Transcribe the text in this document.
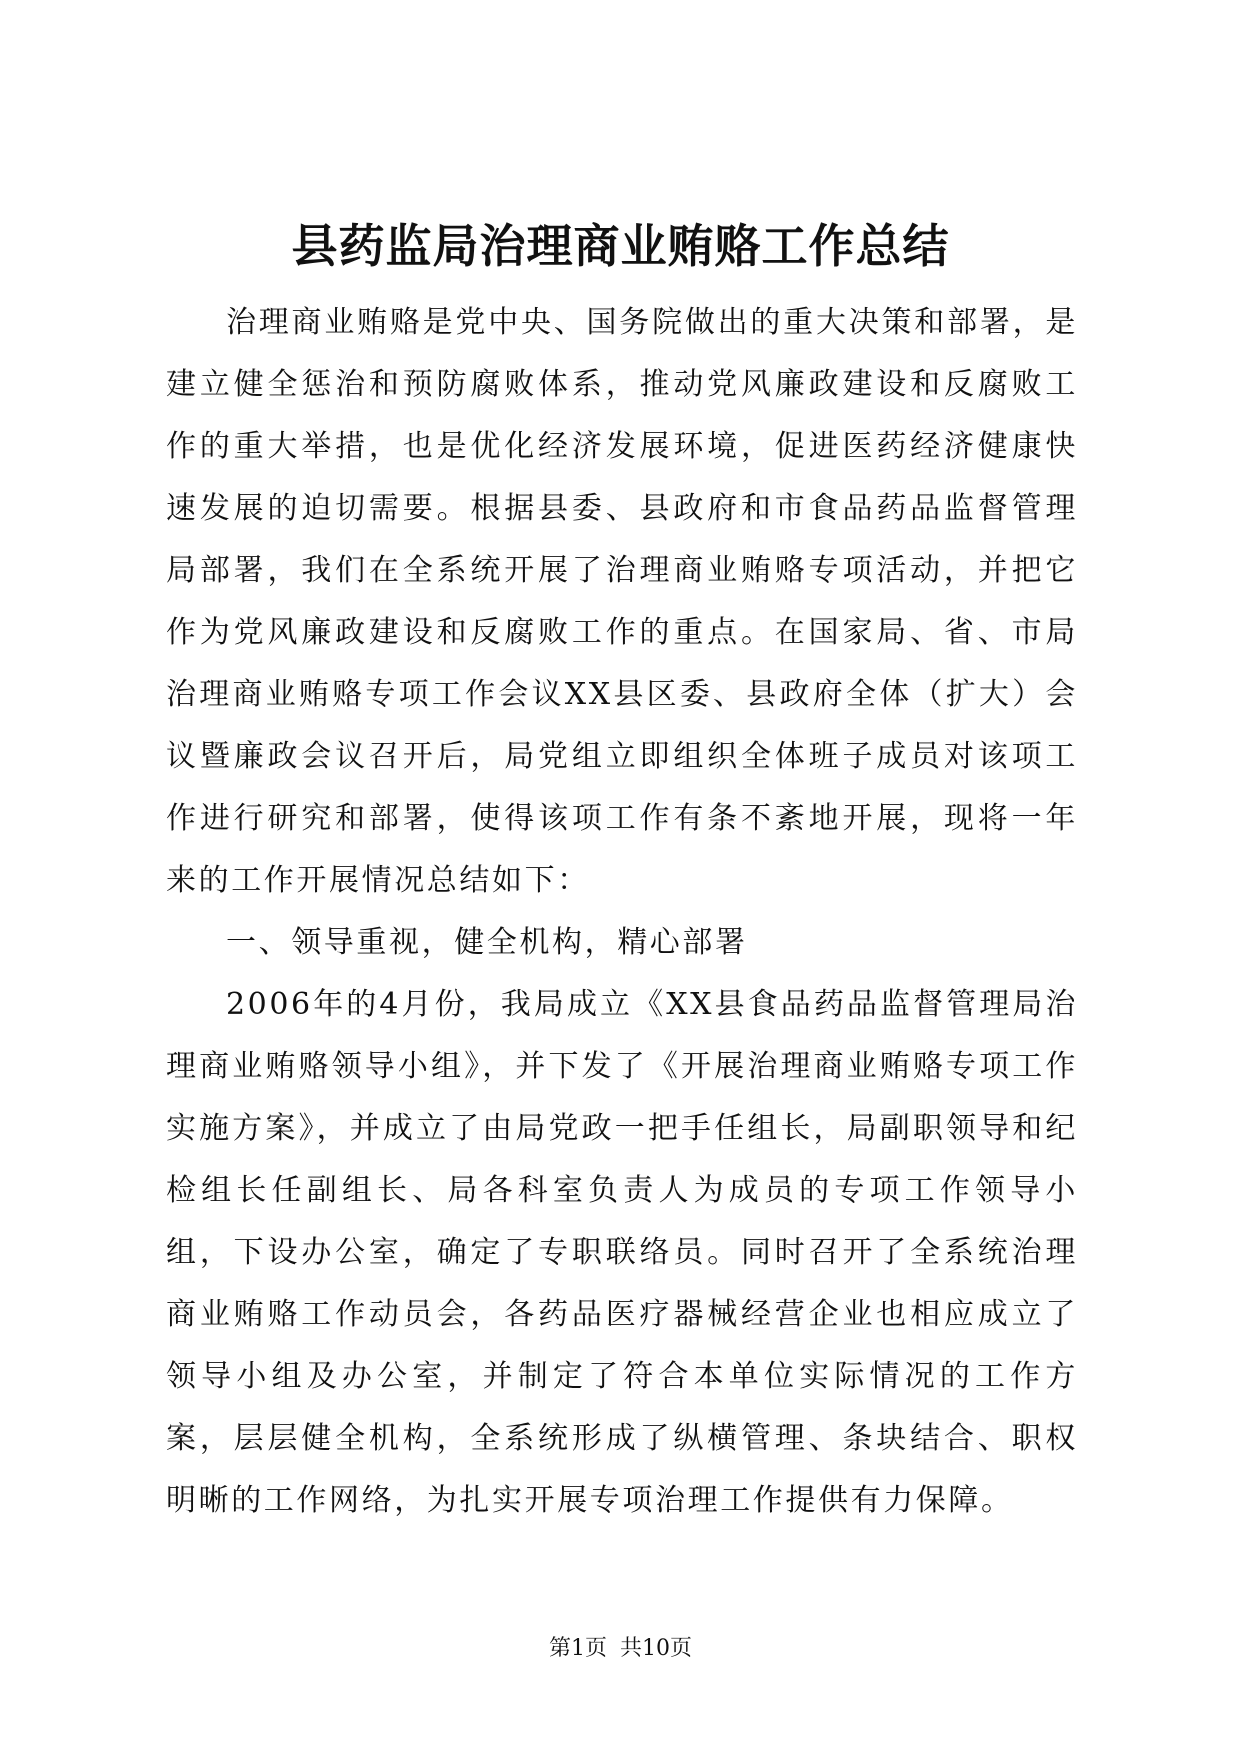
县药监局治理商业贿赂工作总结

治理商业贿赂是党中央、国务院做出的重大决策和部署，是建立健全惩治和预防腐败体系，推动党风廉政建设和反腐败工作的重大举措，也是优化经济发展环境，促进医药经济健康快速发展的迫切需要。根据县委、县政府和市食品药品监督管理局部署，我们在全系统开展了治理商业贿赂专项活动，并把它作为党风廉政建设和反腐败工作的重点。在国家局、省、市局治理商业贿赂专项工作会议XX县区委、县政府全体（扩大）会议暨廉政会议召开后，局党组立即组织全体班子成员对该项工作进行研究和部署，使得该项工作有条不紊地开展，现将一年来的工作开展情况总结如下：

一、领导重视，健全机构，精心部署

2006年的4月份，我局成立《XX县食品药品监督管理局治理商业贿赂领导小组》，并下发了《开展治理商业贿赂专项工作实施方案》，并成立了由局党政一把手任组长，局副职领导和纪检组长任副组长、局各科室负责人为成员的专项工作领导小组，下设办公室，确定了专职联络员。同时召开了全系统治理商业贿赂工作动员会，各药品医疗器械经营企业也相应成立了领导小组及办公室，并制定了符合本单位实际情况的工作方案，层层健全机构，全系统形成了纵横管理、条块结合、职权明晰的工作网络，为扎实开展专项治理工作提供有力保障。

第1页 共10页
